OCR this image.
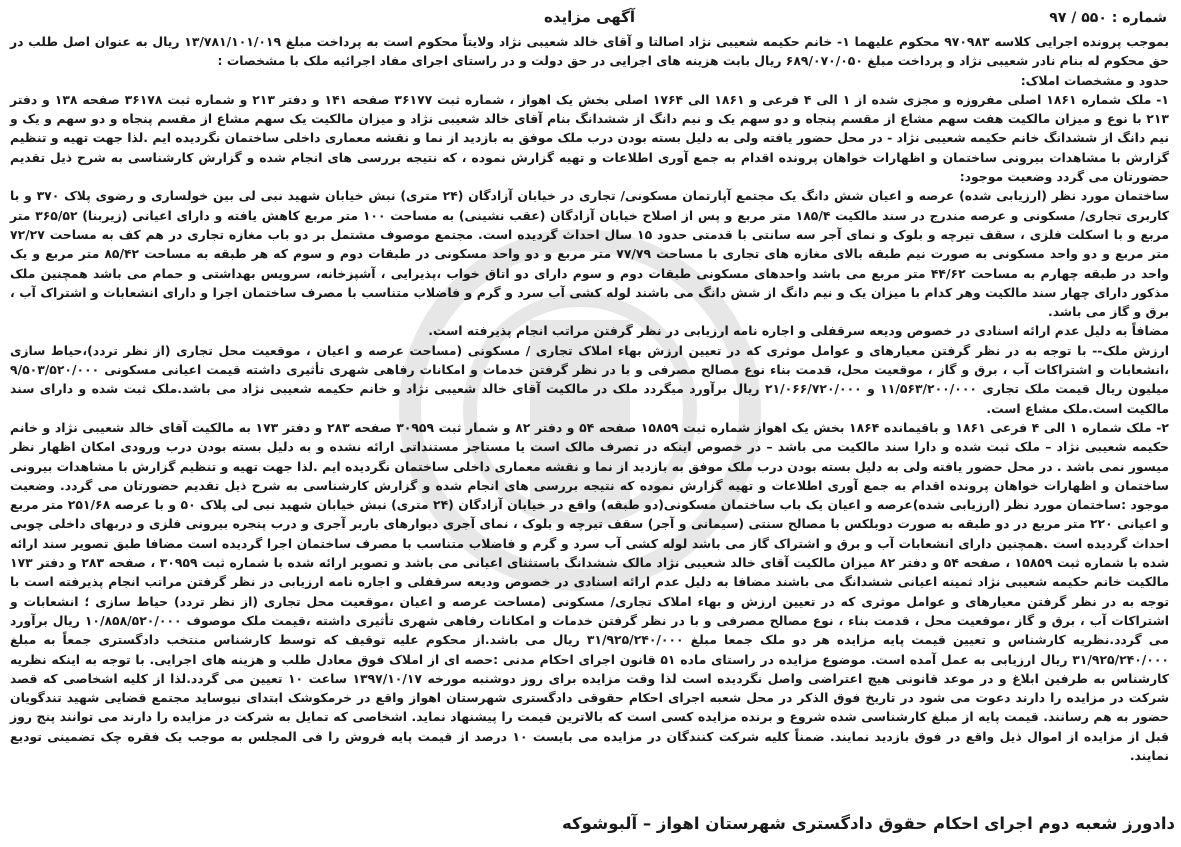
شماره : ۵۵۰ / ۹۷
آگهی مزایده

بموجب پرونده اجرایی کلاسه ۹۷۰۹۸۳ محکوم علیهما ۱- خانم حکیمه شعیبی نژاد اصالتا و آقای خالد شعیبی نژاد ولایتاً محکوم است به پرداخت مبلغ ۱۳/۷۸۱/۱۰۱/۰۱۹ ریال به عنوان اصل طلب در حق محکوم له بنام نادر شعیبی نژاد و پرداخت مبلغ ۶۸۹/۰۷۰/۰۵۰ ریال بابت هزینه های اجرایی در حق دولت و در راستای اجرای مفاد اجرائیه ملک با مشخصات :

حدود و مشخصات املاک:

۱- ملک شماره ۱۸۶۱ اصلی مفروزه و مجزی شده از ۱ الی ۴ فرعی و ۱۸۶۱ الی ۱۷۶۴ اصلی بخش یک اهواز ، شماره ثبت ۳۶۱۷۷ صفحه ۱۴۱ و دفتر ۲۱۳ و شماره ثبت ۳۶۱۷۸ صفحه ۱۳۸ و دفتر ۲۱۳ با نوع و میزان مالکیت هفت سهم مشاع از مقسم پنجاه و دو سهم یک و نیم دانگ از ششدانگ بنام آقای خالد شعیبی نژاد و میزان مالکیت یک سهم مشاع از مقسم پنجاه و دو سهم و یک و نیم دانگ از ششدانگ خانم حکیمه شعیبی نژاد - در محل حضور یافته ولی به دلیل بسته بودن درب ملک موفق به بازدید از نما و نقشه معماری داخلی ساختمان نگردیده ایم .لذا جهت تهیه و تنظیم گزارش با مشاهدات بیرونی ساختمان و اظهارات خواهان پرونده اقدام به جمع آوری اطلاعات و تهیه گزارش نموده ، که نتیجه بررسی های انجام شده و گزارش کارشناسی به شرح ذیل تقدیم حضورتان می گردد وضعیت موجود:

ساختمان مورد نظر (ارزیابی شده) عرصه و اعیان شش دانگ یک مجتمع آپارتمان مسکونی/ تجاری در خیابان آزادگان (۲۴ متری) نبش خیابان شهید نبی لی بین خولساری و رضوی پلاک ۳۷۰ و با کاربری تجاری/ مسکونی و عرصه مندرج در سند مالکیت ۱۸۵/۴ متر مربع و پس از اصلاح خیابان آزادگان (عقب نشینی) به مساحت ۱۰۰ متر مربع کاهش یافته و دارای اعیانی (زیربنا) ۳۶۵/۵۲ متر مربع و با اسکلت فلزی ، سقف تیرچه و بلوک و نمای آجر سه سانتی با قدمتی حدود ۱۵ سال احداث گردیده است. مجتمع موصوف مشتمل بر دو باب مغازه تجاری در هم کف به مساحت ۷۲/۲۷ متر مربع و دو واحد مسکونی به صورت نیم طبقه بالای مغازه های تجاری با مساحت ۷۷/۷۹ متر مربع و دو واحد مسکونی در طبقات دوم و سوم که هر طبقه به مساحت ۸۵/۴۲ متر مربع و یک واحد در طبقه چهارم به مساحت ۴۴/۶۲ متر مربع می باشد واحدهای مسکونی طبقات دوم و سوم دارای دو اتاق خواب ،پذیرایی ، آشپزخانه، سرویس بهداشتی و حمام می باشد همچنین ملک مذکور دارای چهار سند مالکیت وهر کدام با میزان یک و نیم دانگ از شش دانگ می باشند لوله کشی آب سرد و گرم و فاضلاب متناسب با مصرف ساختمان اجرا و دارای انشعابات و اشتراک آب ، برق و گاز می باشد.

مضافاً به دلیل عدم ارائه اسنادی در خصوص ودیعه سرقفلی و اجاره نامه ارزیابی در نظر گرفتن مراتب انجام پذیرفته است.

ارزش ملک-- با توجه به در نظر گرفتن معیارهای و عوامل موثری که در تعیین ارزش بهاء املاک تجاری / مسکونی (مساحت عرصه و اعیان ، موقعیت محل تجاری (از نظر تردد)،حیاط سازی ،انشعابات و اشتراکات آب ، برق و گاز ، موقعیت محل، قدمت بناء نوع مصالح مصرفی و با در نظر گرفتن خدمات و امکانات رفاهی شهری تأثیری داشته قیمت اعیانی مسکونی ۹/۵۰۳/۵۲۰/۰۰۰ میلیون ریال قیمت ملک تجاری ۱۱/۵۶۳/۲۰۰/۰۰۰ و ۲۱/۰۶۶/۷۲۰/۰۰۰ ریال برآورد میگردد ملک در مالکیت آقای خالد شعیبی نژاد و خانم حکیمه شعیبی نژاد می باشد.ملک ثبت شده و دارای سند مالکیت است.ملک مشاع است.

۲- ملک شماره ۱ الی ۴ فرعی ۱۸۶۱ و باقیمانده ۱۸۶۴ بخش یک اهواز شماره ثبت ۱۵۸۵۹ صفحه ۵۴ و دفتر ۸۲ و شمار ثبت ۳۰۹۵۹ صفحه ۲۸۳ و دفتر ۱۷۳ به مالکیت آقای خالد شعیبی نژاد و خانم حکیمه شعیبی نژاد – ملک ثبت شده و دارا سند مالکیت می باشد – در خصوص اینکه در تصرف مالک است یا مستاجر مستنداتی ارائه نشده و به دلیل بسته بودن درب ورودی امکان اظهار نظر میسور نمی باشد . در محل حضور یافته ولی به دلیل بسته بودن درب ملک موفق به بازدید از نما و نقشه معماری داخلی ساختمان نگردیده ایم .لذا جهت تهیه و تنظیم گزارش با مشاهدات بیرونی ساختمان و اظهارات خواهان پرونده اقدام به جمع آوری اطلاعات و تهیه گزارش نموده که نتیجه بررسی های انجام شده و گزارش کارشناسی به شرح ذیل تقدیم حضورتان می گردد. وضعیت موجود :ساختمان مورد نظر (ارزیابی شده)عرصه و اعیان یک باب ساختمان مسکونی(دو طبقه) واقع در خیابان آزادگان (۲۴ متری) نبش خیابان شهید نبی لی پلاک ۵۰ و با عرصه ۲۵۱/۶۸ متر مربع و اعیانی ۲۲۰ متر مربع در دو طبقه به صورت دوبلکس با مصالح سنتی (سیمانی و آجر) سقف تیرچه و بلوک ، نمای آجری دیوارهای باربر آجری و درب پنجره بیرونی فلزی و دربهای داخلی چوبی احداث گردیده است .همچنین دارای انشعابات آب و برق و اشتراک گاز می باشد لوله کشی آب سرد و گرم و فاضلاب متناسب با مصرف ساختمان اجرا گردیده است مضافا طبق تصویر سند ارائه شده با شماره ثبت ۱۵۸۵۹ ، صفحه ۵۴ و دفتر ۸۲ میزان مالکیت آقای خالد شعیبی نژاد مالک ششدانگ باستثنای اعیانی می باشد و تصویر ارائه شده با شماره ثبت ۳۰۹۵۹ ، صفحه ۲۸۳ و دفتر ۱۷۳ مالکیت خانم حکیمه شعیبی نژاد ثمینه اعیانی ششدانگ می باشند مضافا به دلیل عدم ارائه اسنادی در خصوص ودیعه سرقفلی و اجاره نامه ارزیابی در نظر گرفتن مراتب انجام پذیرفته است با توجه به در نظر گرفتن معیارهای و عوامل موثری که در تعیین ارزش و بهاء املاک تجاری/ مسکونی (مساحت عرصه و اعیان ،موقعیت محل تجاری (از نظر تردد) حیاط سازی ؛ انشعابات و اشتراکات آب ، برق و گاز ،موقعیت محل ، قدمت بناء ، نوع مصالح مصرفی و با در نظر گرفتن خدمات و امکانات رفاهی شهری تأثیری داشته ،قیمت ملک موصوف ۱۰/۸۵۸/۵۲۰/۰۰۰ ریال برآورد می گردد.نظریه کارشناس و تعیین قیمت پایه مزایده هر دو ملک جمعا مبلغ ۳۱/۹۲۵/۲۴۰/۰۰۰ ریال می باشد.از محکوم علیه توقیف که توسط کارشناس منتخب دادگستری جمعاً به مبلغ ۳۱/۹۲۵/۲۴۰/۰۰۰ ریال ارزیابی به عمل آمده است. موضوع مزایده در راستای ماده ۵۱ قانون اجرای احکام مدنی :حصه ای از املاک فوق معادل طلب و هزینه های اجرایی. با توجه به اینکه نظریه کارشناس به طرفین ابلاغ و در موعد قانونی هیچ اعتراضی واصل نگردیده است لذا وقت مزایده برای روز دوشنبه مورخه ۱۳۹۷/۱۰/۱۷ ساعت ۱۰ تعیین می گردد.لذا از کلیه اشخاصی که قصد شرکت در مزایده را دارند دعوت می شود در تاریخ فوق الذکر در محل شعبه اجرای احکام حقوقی دادگستری شهرستان اهواز واقع در خرمکوشک ابتدای نیوساید مجتمع قضایی شهید تندگویان حضور به هم رسانند. قیمت پایه از مبلغ کارشناسی شده شروع و برنده مزایده کسی است که بالاترین قیمت را پیشنهاد نماید. اشخاصی که تمایل به شرکت در مزایده را دارند می توانند پنج روز قبل از مزایده از اموال ذیل واقع در فوق بازدید نمایند. ضمناً کلیه شرکت کنندگان در مزایده می بایست ۱۰ درصد از قیمت پایه فروش را فی المجلس به موجب یک فقره چک تضمینی تودیع نمایند.

دادورز شعبه دوم اجرای احکام حقوق دادگستری شهرستان اهواز – آلبوشوکه
